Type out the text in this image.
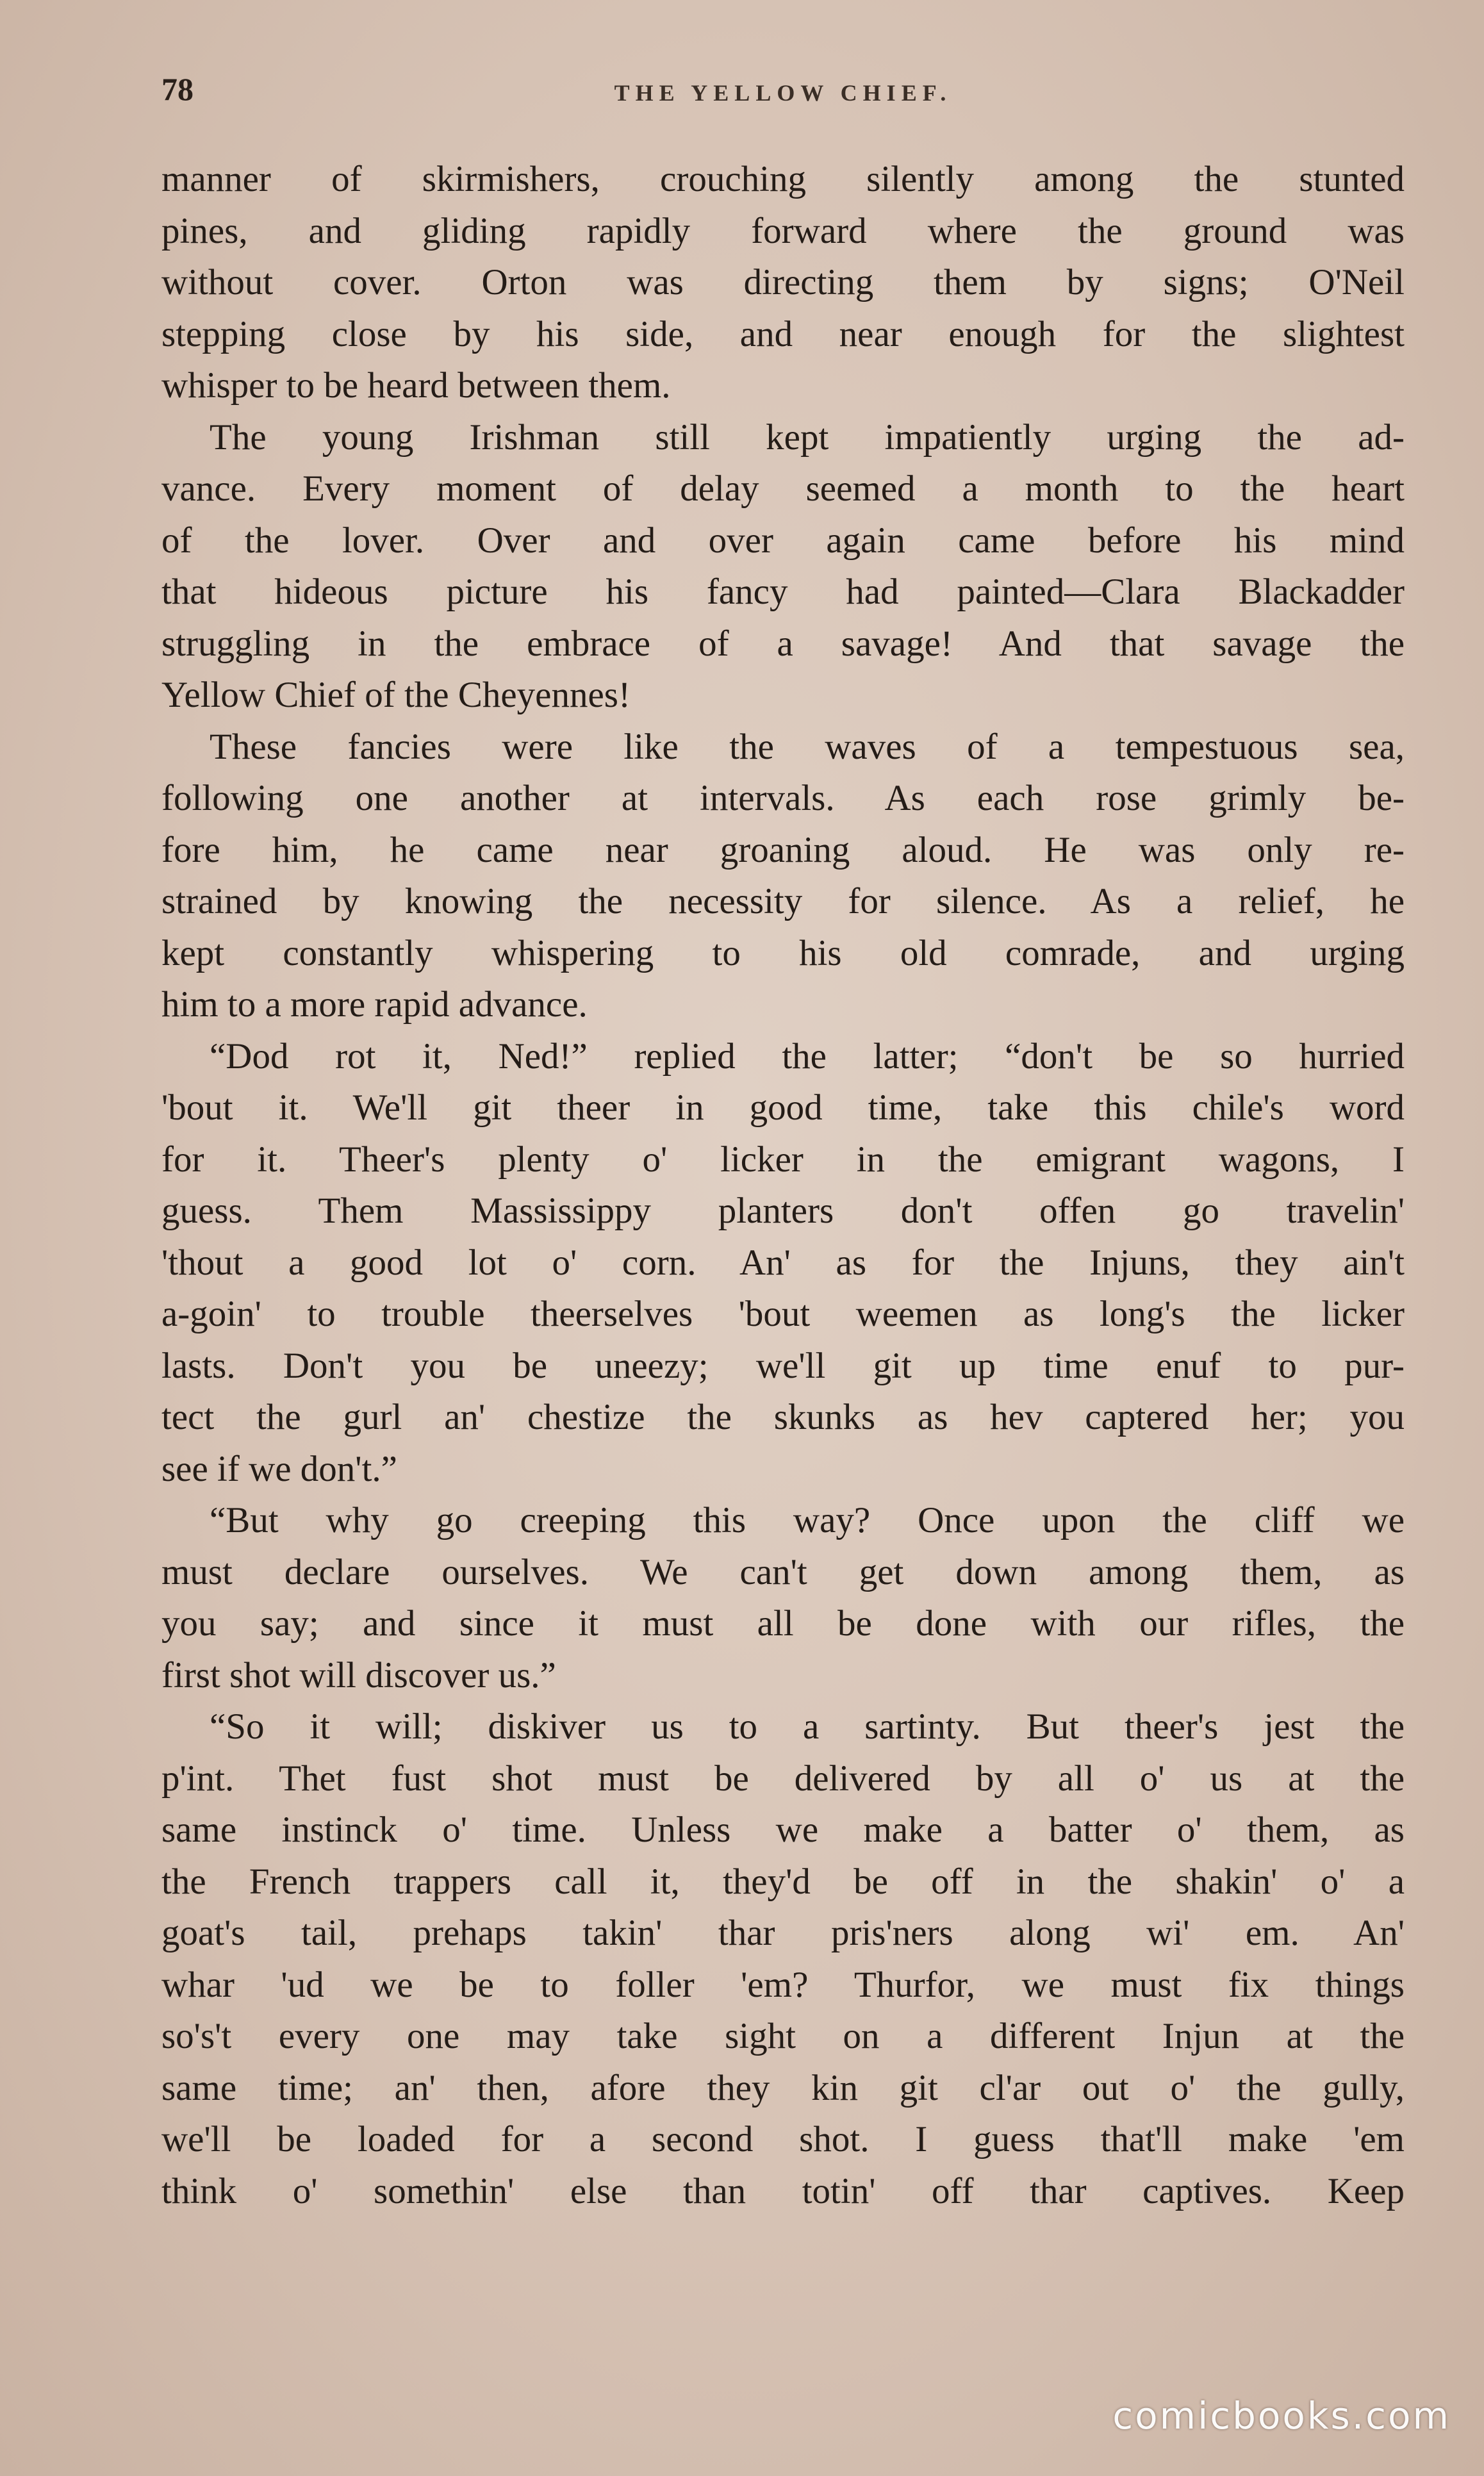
78	THE YELLOW CHIEF.
manner of skirmishers, crouching silently among the stunted
pines, and gliding rapidly forward where the ground was
without cover. Orton was directing them by signs; O'Neil
stepping close by his side, and near enough for the slightest
whisper to be heard between them.
The young Irishman still kept impatiently urging the ad-
vance. Every moment of delay seemed a month to the heart
of the lover. Over and over again came before his mind
that hideous picture his fancy had painted—Clara Blackadder
struggling in the embrace of a savage! And that savage the
Yellow Chief of the Cheyennes!
These fancies were like the waves of a tempestuous sea,
following one another at intervals. As each rose grimly be-
fore him, he came near groaning aloud. He was only re-
strained by knowing the necessity for silence. As a relief, he
kept constantly whispering to his old comrade, and urging
him to a more rapid advance.
“Dod rot it, Ned!” replied the latter; “don't be so hurried
'bout it. We'll git theer in good time, take this chile's word
for it. Theer's plenty o' licker in the emigrant wagons, I
guess. Them Massissippy planters don't offen go travelin'
'thout a good lot o' corn. An' as for the Injuns, they ain't
a-goin' to trouble theerselves 'bout weemen as long's the licker
lasts. Don't you be uneezy; we'll git up time enuf to pur-
tect the gurl an' chestize the skunks as hev captered her; you
see if we don't.”
“But why go creeping this way? Once upon the cliff we
must declare ourselves. We can't get down among them, as
you say; and since it must all be done with our rifles, the
first shot will discover us.”
“So it will; diskiver us to a sartinty. But theer's jest the
p'int. Thet fust shot must be delivered by all o' us at the
same instinck o' time. Unless we make a batter o' them, as
the French trappers call it, they'd be off in the shakin' o' a
goat's tail, prehaps takin' thar pris'ners along wi' em. An'
whar 'ud we be to foller 'em? Thurfor, we must fix things
so's't every one may take sight on a different Injun at the
same time; an' then, afore they kin git cl'ar out o' the gully,
we'll be loaded for a second shot. I guess that'll make 'em
think o' somethin' else than totin' off thar captives. Keep
comicbooks.com
